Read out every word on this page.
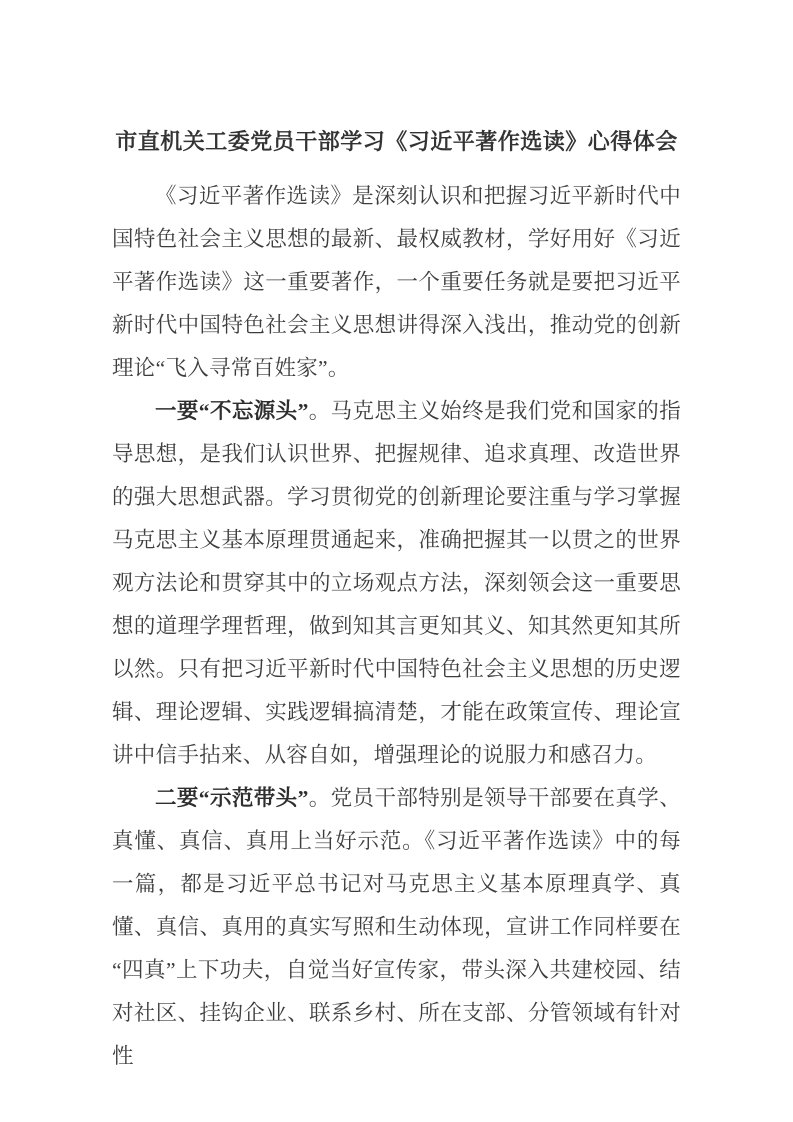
市直机关工委党员干部学习《习近平著作选读》心得体会

《习近平著作选读》是深刻认识和把握习近平新时代中国特色社会主义思想的最新、最权威教材，学好用好《习近平著作选读》这一重要著作，一个重要任务就是要把习近平新时代中国特色社会主义思想讲得深入浅出，推动党的创新理论“飞入寻常百姓家”。

一要“不忘源头”。马克思主义始终是我们党和国家的指导思想，是我们认识世界、把握规律、追求真理、改造世界的强大思想武器。学习贯彻党的创新理论要注重与学习掌握马克思主义基本原理贯通起来，准确把握其一以贯之的世界观方法论和贯穿其中的立场观点方法，深刻领会这一重要思想的道理学理哲理，做到知其言更知其义、知其然更知其所以然。只有把习近平新时代中国特色社会主义思想的历史逻辑、理论逻辑、实践逻辑搞清楚，才能在政策宣传、理论宣讲中信手拈来、从容自如，增强理论的说服力和感召力。

二要“示范带头”。党员干部特别是领导干部要在真学、真懂、真信、真用上当好示范。《习近平著作选读》中的每一篇，都是习近平总书记对马克思主义基本原理真学、真懂、真信、真用的真实写照和生动体现，宣讲工作同样要在“四真”上下功夫，自觉当好宣传家，带头深入共建校园、结对社区、挂钩企业、联系乡村、所在支部、分管领域有针对性
